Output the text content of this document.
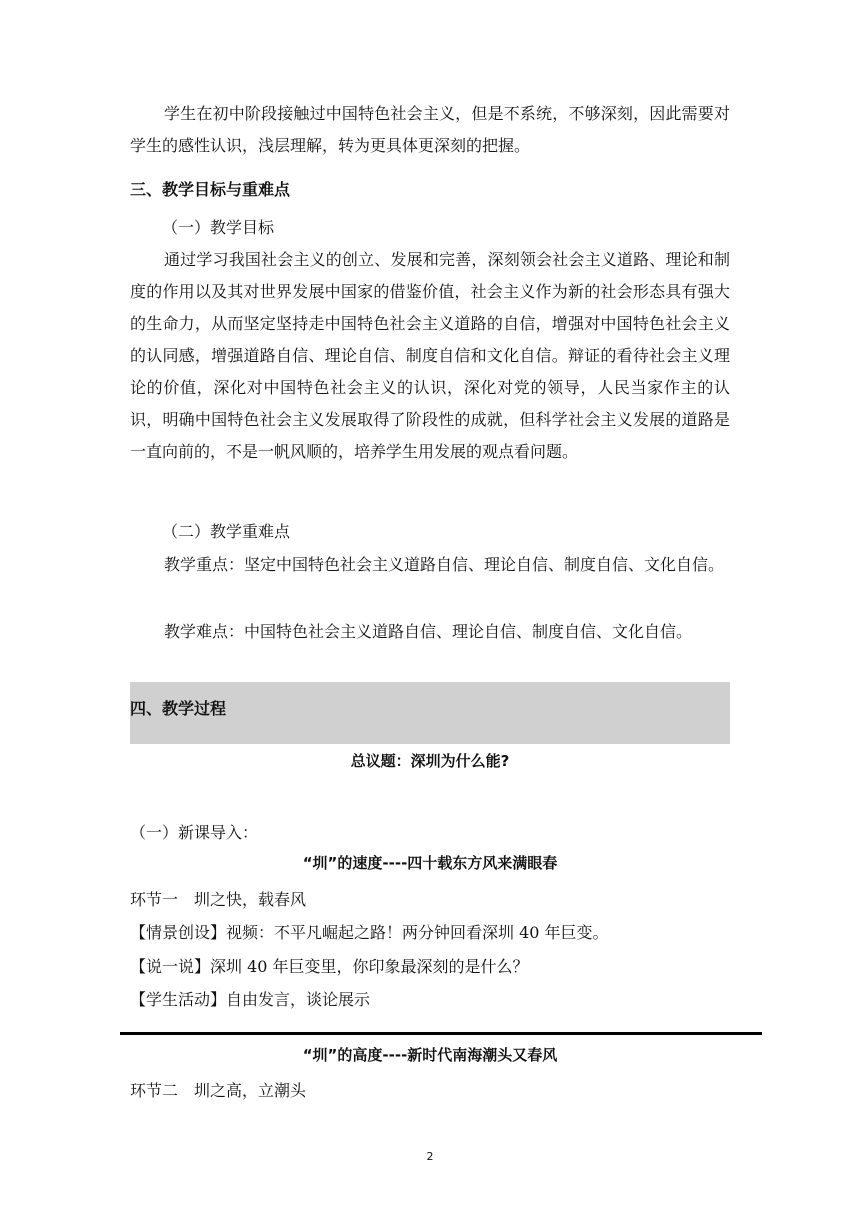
学生在初中阶段接触过中国特色社会主义，但是不系统，不够深刻，因此需要对学生的感性认识，浅层理解，转为更具体更深刻的把握。

三、教学目标与重难点

（一）教学目标

通过学习我国社会主义的创立、发展和完善，深刻领会社会主义道路、理论和制度的作用以及其对世界发展中国家的借鉴价值，社会主义作为新的社会形态具有强大的生命力，从而坚定坚持走中国特色社会主义道路的自信，增强对中国特色社会主义的认同感，增强道路自信、理论自信、制度自信和文化自信。辩证的看待社会主义理论的价值，深化对中国特色社会主义的认识，深化对党的领导，人民当家作主的认识，明确中国特色社会主义发展取得了阶段性的成就，但科学社会主义发展的道路是一直向前的，不是一帆风顺的，培养学生用发展的观点看问题。

（二）教学重难点

教学重点：坚定中国特色社会主义道路自信、理论自信、制度自信、文化自信。

教学难点：中国特色社会主义道路自信、理论自信、制度自信、文化自信。

四、教学过程

总议题：深圳为什么能?

（一）新课导入：

“圳”的速度----四十载东方风来满眼春

环节一　圳之快，载春风

【情景创设】视频：不平凡崛起之路！两分钟回看深圳 40 年巨变。

【说一说】深圳 40 年巨变里，你印象最深刻的是什么？

【学生活动】自由发言，谈论展示

“圳”的高度----新时代南海潮头又春风

环节二　圳之高，立潮头

2
